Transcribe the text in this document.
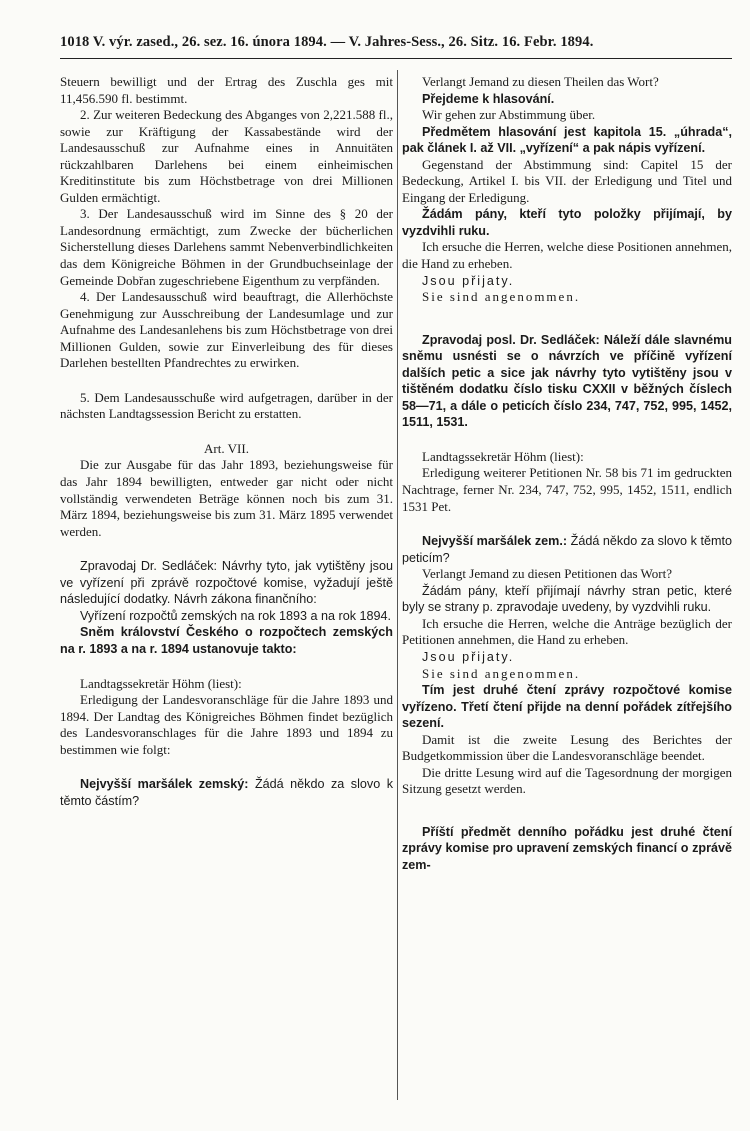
1018 V. výr. zased., 26. sez. 16. února 1894. — V. Jahres-Sess., 26. Sitz. 16. Febr. 1894.

Steuern bewilligt und der Ertrag des Zuschla ges mit 11,456.590 fl. bestimmt.

2. Zur weiteren Bedeckung des Abganges von 2,221.588 fl., sowie zur Kräftigung der Kassabestände wird der Landesausschuß zur Aufnahme eines in Annuitäten rückzahlbaren Darlehens bei einem einheimischen Kreditinstitute bis zum Höchstbetrage von drei Millionen Gulden ermächtigt.

3. Der Landesausschuß wird im Sinne des § 20 der Landesordnung ermächtigt, zum Zwecke der bücherlichen Sicherstellung dieses Darlehens sammt Nebenverbindlichkeiten das dem Königreiche Böhmen in der Grundbuchseinlage der Gemeinde Dobřan zugeschriebene Eigenthum zu verpfänden.

4. Der Landesausschuß wird beauftragt, die Allerhöchste Genehmigung zur Ausschreibung der Landesumlage und zur Aufnahme des Landesanlehens bis zum Höchstbetrage von drei Millionen Gulden, sowie zur Einverleibung des für dieses Darlehen bestellten Pfandrechtes zu erwirken.

5. Dem Landesausschuße wird aufgetragen, darüber in der nächsten Landtagssession Bericht zu erstatten.

Art. VII.

Die zur Ausgabe für das Jahr 1893, beziehungsweise für das Jahr 1894 bewilligten, entweder gar nicht oder nicht vollständig verwendeten Beträge können noch bis zum 31. März 1894, beziehungsweise bis zum 31. März 1895 verwendet werden.

Zpravodaj Dr. Sedláček: Návrhy tyto, jak vytištěny jsou ve vyřízení při zprávě rozpočtové komise, vyžadují ještě následující dodatky. Návrh zákona finančního:

Vyřízení rozpočtů zemských na rok 1893 a na rok 1894.

Sněm království Českého o rozpočtech zemských na r. 1893 a na r. 1894 ustanovuje takto:

Landtagssekretär Höhm (liest):

Erledigung der Landesvoranschläge für die Jahre 1893 und 1894. Der Landtag des Königreiches Böhmen findet bezüglich des Landesvoranschlages für die Jahre 1893 und 1894 zu bestimmen wie folgt:

Nejvyšší maršálek zemský: Žádá někdo za slovo k těmto částím?

Verlangt Jemand zu diesen Theilen das Wort?

Přejdeme k hlasování.

Wir gehen zur Abstimmung über.

Předmětem hlasování jest kapitola 15. „úhrada“, pak článek I. až VII. „vyřízení“ a pak nápis vyřízení.

Gegenstand der Abstimmung sind: Capitel 15 der Bedeckung, Artikel I. bis VII. der Erledigung und Titel und Eingang der Erledigung.

Žádám pány, kteří tyto položky přijímají, by vyzdvihli ruku.

Ich ersuche die Herren, welche diese Positionen annehmen, die Hand zu erheben.

Jsou přijaty.

Sie sind angenommen.

Zpravodaj posl. Dr. Sedláček: Náleží dále slavnému sněmu usnésti se o návrzích ve příčině vyřízení dalších petic a sice jak návrhy tyto vytištěny jsou v tištěném dodatku číslo tisku CXXII v běžných číslech 58—71, a dále o peticích číslo 234, 747, 752, 995, 1452, 1511, 1531.

Landtagssekretär Höhm (liest):

Erledigung weiterer Petitionen Nr. 58 bis 71 im gedruckten Nachtrage, ferner Nr. 234, 747, 752, 995, 1452, 1511, endlich 1531 Pet.

Nejvyšší maršálek zem.: Žádá někdo za slovo k těmto peticím?

Verlangt Jemand zu diesen Petitionen das Wort?

Žádám pány, kteří přijímají návrhy stran petic, které byly se strany p. zpravodaje uvedeny, by vyzdvihli ruku.

Ich ersuche die Herren, welche die Anträge bezüglich der Petitionen annehmen, die Hand zu erheben.

Jsou přijaty.

Sie sind angenommen.

Tím jest druhé čtení zprávy rozpočtové komise vyřízeno. Třetí čtení přijde na denní pořádek zítřejšího sezení.

Damit ist die zweite Lesung des Berichtes der Budgetkommission über die Landesvoranschläge beendet.

Die dritte Lesung wird auf die Tagesordnung der morgigen Sitzung gesetzt werden.

Příští předmět denního pořádku jest druhé čtení zprávy komise pro upravení zemských financí o zprávě zem-
